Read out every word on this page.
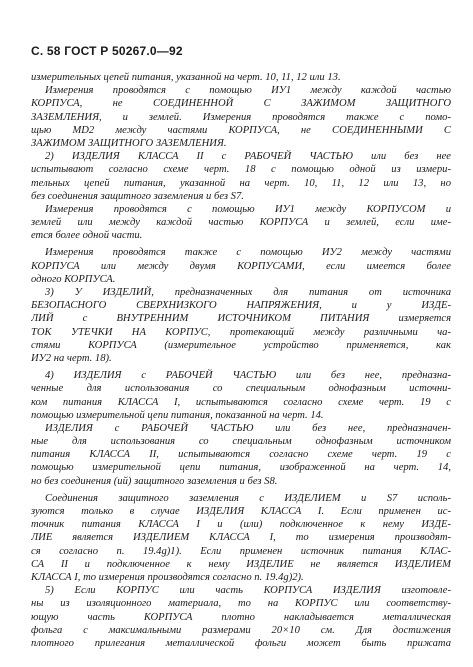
С. 58 ГОСТ Р 50267.0—92
измерительных цепей питания, указанной на черт. 10, 11, 12 или 13.
Измерения проводятся с помощью ИУ1 между каждой частью
КОРПУСА, не СОЕДИНЕННОЙ С ЗАЖИМОМ ЗАЩИТНОГО
ЗАЗЕМЛЕНИЯ, и землей. Измерения проводятся также с помо-
щью MD2 между частями КОРПУСА, не СОЕДИНЕННЫМИ С
ЗАЖИМОМ ЗАЩИТНОГО ЗАЗЕМЛЕНИЯ.
2) ИЗДЕЛИЯ КЛАССА II с РАБОЧЕЙ ЧАСТЬЮ или без нее
испытывают согласно схеме черт. 18 с помощью одной из измери-
тельных цепей питания, указанной на черт. 10, 11, 12 или 13, но
без соединения защитного заземления и без S7.
Измерения проводятся с помощью ИУ1 между КОРПУСОМ и
землей или между каждой частью КОРПУСА и землей, если име-
ется более одной части.
Измерения проводятся также с помощью ИУ2 между частями
КОРПУСА или между двумя КОРПУСАМИ, если имеется более
одного КОРПУСА.
3) У ИЗДЕЛИЙ, предназначенных для питания от источника
БЕЗОПАСНОГО СВЕРХНИЗКОГО НАПРЯЖЕНИЯ, и у ИЗДЕ-
ЛИЙ с ВНУТРЕННИМ ИСТОЧНИКОМ ПИТАНИЯ измеряется
ТОК УТЕЧКИ НА КОРПУС, протекающий между различными ча-
стями КОРПУСА (измерительное устройство применяется, как
ИУ2 на черт. 18).
4) ИЗДЕЛИЯ с РАБОЧЕЙ ЧАСТЬЮ или без нее, предназна-
ченные для использования со специальным однофазным источни-
ком питания КЛАССА I, испытываются согласно схеме черт. 19 с
помощью измерительной цепи питания, показанной на черт. 14.
ИЗДЕЛИЯ с РАБОЧЕЙ ЧАСТЬЮ или без нее, предназначен-
ные для использования со специальным однофазным источником
питания КЛАССА II, испытываются согласно схеме черт. 19 с
помощью измерительной цепи питания, изображенной на черт. 14,
но без соединения (ий) защитного заземления и без S8.
Соединения защитного заземления с ИЗДЕЛИЕМ и S7 исполь-
зуются только в случае ИЗДЕЛИЯ КЛАССА I. Если применен ис-
точник питания КЛАССА I и (или) подключенное к нему ИЗДЕ-
ЛИЕ является ИЗДЕЛИЕМ КЛАССА I, то измерения производят-
ся согласно п. 19.4g)1). Если применен источник питания КЛАС-
СА II и подключенное к нему ИЗДЕЛИЕ не является ИЗДЕЛИЕМ
КЛАССА I, то измерения производятся согласно п. 19.4g)2).
5) Если КОРПУС или часть КОРПУСА ИЗДЕЛИЯ изготовле-
ны из изоляционного материала, то на КОРПУС или соответству-
ющую часть КОРПУСА плотно накладывается металлическая
фольга с максимальными размерами 20×10 см. Для достижения
плотного прилегания металлической фольги может быть прижата
